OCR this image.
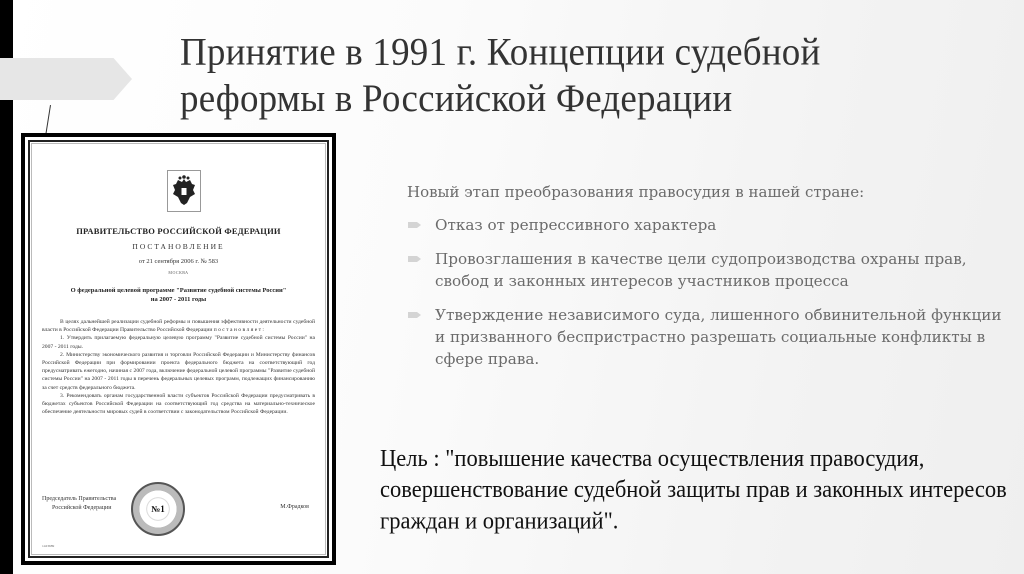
Принятие в 1991 г. Концепции судебной
реформы в Российской Федерации
ПРАВИТЕЛЬСТВО РОССИЙСКОЙ ФЕДЕРАЦИИ
ПОСТАНОВЛЕНИЕ
от 21 сентября 2006 г. № 583
МОСКВА
О федеральной целевой программе "Развитие судебной системы России" на 2007 - 2011 годы

В целях дальнейшей реализации судебной реформы и повышения эффективности деятельности судебной власти в Российской Федерации Правительство Российской Федерации п о с т а н о в л я е т :

1. Утвердить прилагаемую федеральную целевую программу "Развитие судебной системы России" на 2007 - 2011 годы.

2. Министерству экономического развития и торговли Российской Федерации и Министерству финансов Российской Федерации при формировании проекта федерального бюджета на соответствующий год предусматривать ежегодно, начиная с 2007 года, включение федеральной целевой программы "Развитие судебной системы России" на 2007 - 2011 годы в перечень федеральных целевых программ, подлежащих финансированию за счет средств федерального бюджета.

3. Рекомендовать органам государственной власти субъектов Российской Федерации предусматривать в бюджетах субъектов Российской Федерации на соответствующий год средства на материально-техническое обеспечение деятельности мировых судей в соответствии с законодательством Российской Федерации.

Председатель Правительства
Российской Федерации	№1	М.Фрадков
1423689

Новый этап преобразования правосудия в нашей стране:

Отказ от репрессивного характера
Провозглашения в качестве цели судопроизводства охраны прав, свобод и законных интересов участников процесса
Утверждение независимого суда, лишенного обвинительной функции и призванного беспристрастно разрешать социальные конфликты в сфере права.

Цель : "повышение качества осуществления правосудия, совершенствование судебной защиты прав и законных интересов граждан и организаций".
